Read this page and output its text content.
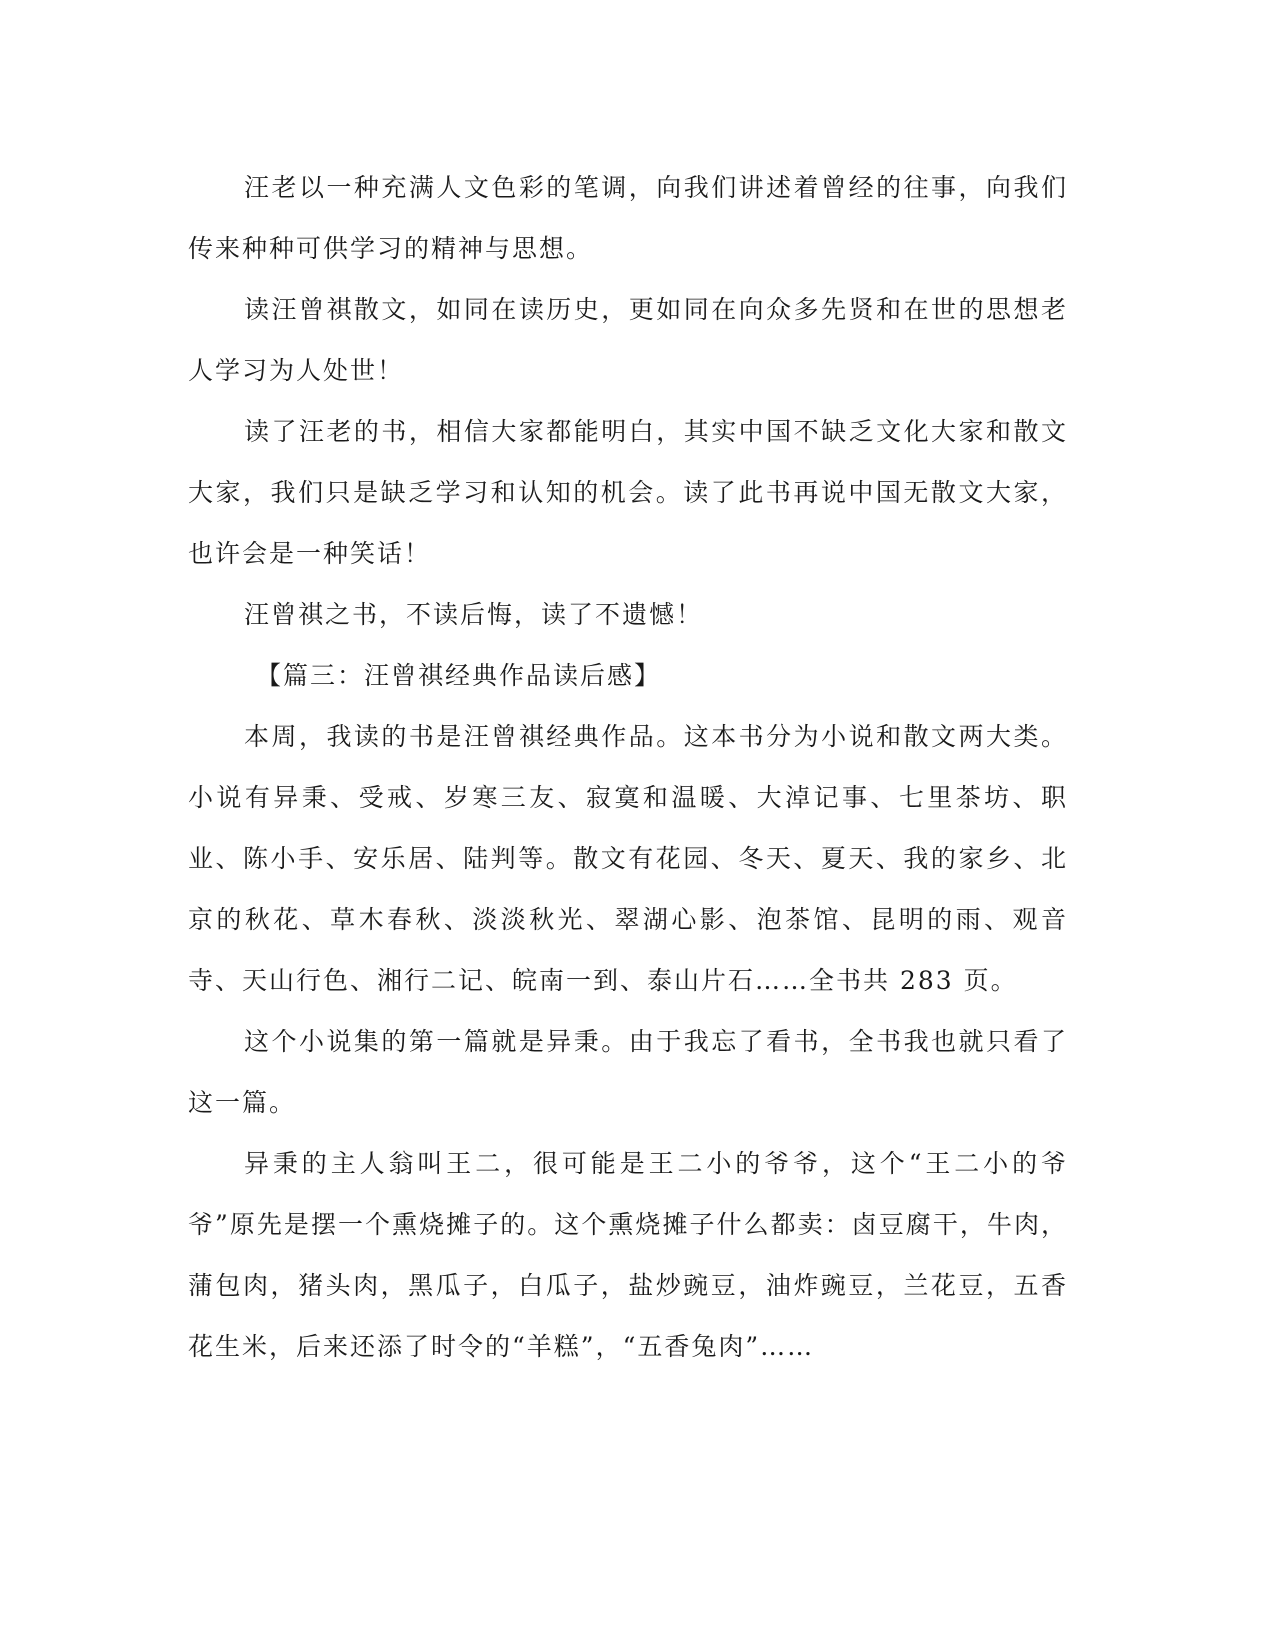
汪老以一种充满人文色彩的笔调，向我们讲述着曾经的往事，向我们传来种种可供学习的精神与思想。

读汪曾祺散文，如同在读历史，更如同在向众多先贤和在世的思想老人学习为人处世！

读了汪老的书，相信大家都能明白，其实中国不缺乏文化大家和散文大家，我们只是缺乏学习和认知的机会。读了此书再说中国无散文大家，也许会是一种笑话！

汪曾祺之书，不读后悔，读了不遗憾！

【篇三：汪曾祺经典作品读后感】

本周，我读的书是汪曾祺经典作品。这本书分为小说和散文两大类。小说有异秉、受戒、岁寒三友、寂寞和温暖、大淖记事、七里茶坊、职业、陈小手、安乐居、陆判等。散文有花园、冬天、夏天、我的家乡、北京的秋花、草木春秋、淡淡秋光、翠湖心影、泡茶馆、昆明的雨、观音寺、天山行色、湘行二记、皖南一到、泰山片石……全书共 283 页。

这个小说集的第一篇就是异秉。由于我忘了看书，全书我也就只看了这一篇。

异秉的主人翁叫王二，很可能是王二小的爷爷，这个“王二小的爷爷”原先是摆一个熏烧摊子的。这个熏烧摊子什么都卖：卤豆腐干，牛肉，蒲包肉，猪头肉，黑瓜子，白瓜子，盐炒豌豆，油炸豌豆，兰花豆，五香花生米，后来还添了时令的“羊糕”，“五香兔肉”……
